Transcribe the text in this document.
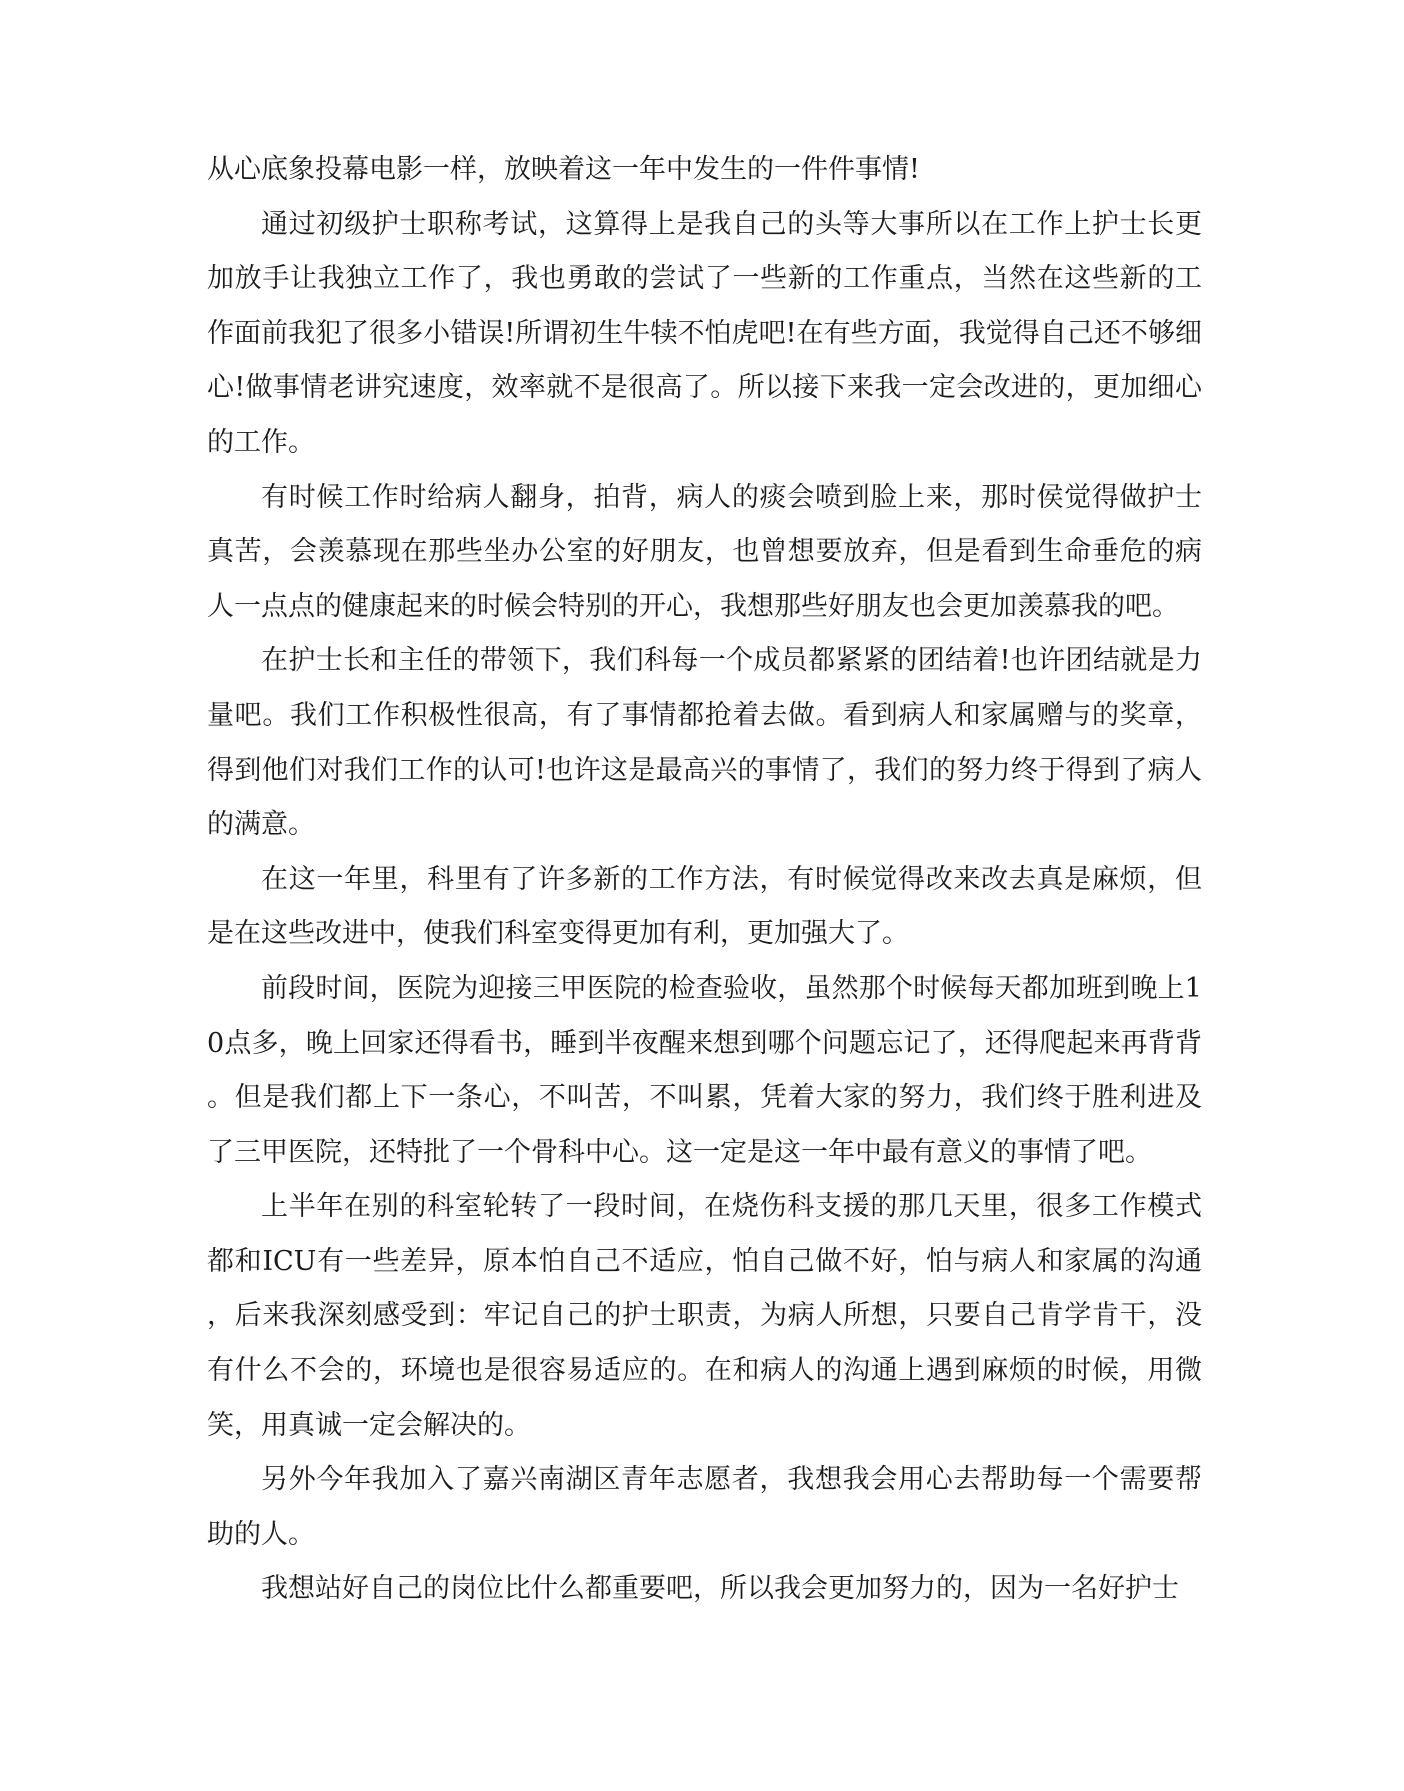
从心底象投幕电影一样，放映着这一年中发生的一件件事情!

通过初级护士职称考试，这算得上是我自己的头等大事所以在工作上护士长更加放手让我独立工作了，我也勇敢的尝试了一些新的工作重点，当然在这些新的工作面前我犯了很多小错误!所谓初生牛犊不怕虎吧!在有些方面，我觉得自己还不够细心!做事情老讲究速度，效率就不是很高了。所以接下来我一定会改进的，更加细心的工作。

有时候工作时给病人翻身，拍背，病人的痰会喷到脸上来，那时侯觉得做护士真苦，会羡慕现在那些坐办公室的好朋友，也曾想要放弃，但是看到生命垂危的病人一点点的健康起来的时候会特别的开心，我想那些好朋友也会更加羡慕我的吧。

在护士长和主任的带领下，我们科每一个成员都紧紧的团结着!也许团结就是力量吧。我们工作积极性很高，有了事情都抢着去做。看到病人和家属赠与的奖章，得到他们对我们工作的认可!也许这是最高兴的事情了，我们的努力终于得到了病人的满意。

在这一年里，科里有了许多新的工作方法，有时候觉得改来改去真是麻烦，但是在这些改进中，使我们科室变得更加有利，更加强大了。

前段时间，医院为迎接三甲医院的检查验收，虽然那个时候每天都加班到晚上10点多，晚上回家还得看书，睡到半夜醒来想到哪个问题忘记了，还得爬起来再背背。但是我们都上下一条心，不叫苦，不叫累，凭着大家的努力，我们终于胜利进及了三甲医院，还特批了一个骨科中心。这一定是这一年中最有意义的事情了吧。

上半年在别的科室轮转了一段时间，在烧伤科支援的那几天里，很多工作模式都和ICU有一些差异，原本怕自己不适应，怕自己做不好，怕与病人和家属的沟通，后来我深刻感受到：牢记自己的护士职责，为病人所想，只要自己肯学肯干，没有什么不会的，环境也是很容易适应的。在和病人的沟通上遇到麻烦的时候，用微笑，用真诚一定会解决的。

另外今年我加入了嘉兴南湖区青年志愿者，我想我会用心去帮助每一个需要帮助的人。

我想站好自己的岗位比什么都重要吧，所以我会更加努力的，因为一名好护士
